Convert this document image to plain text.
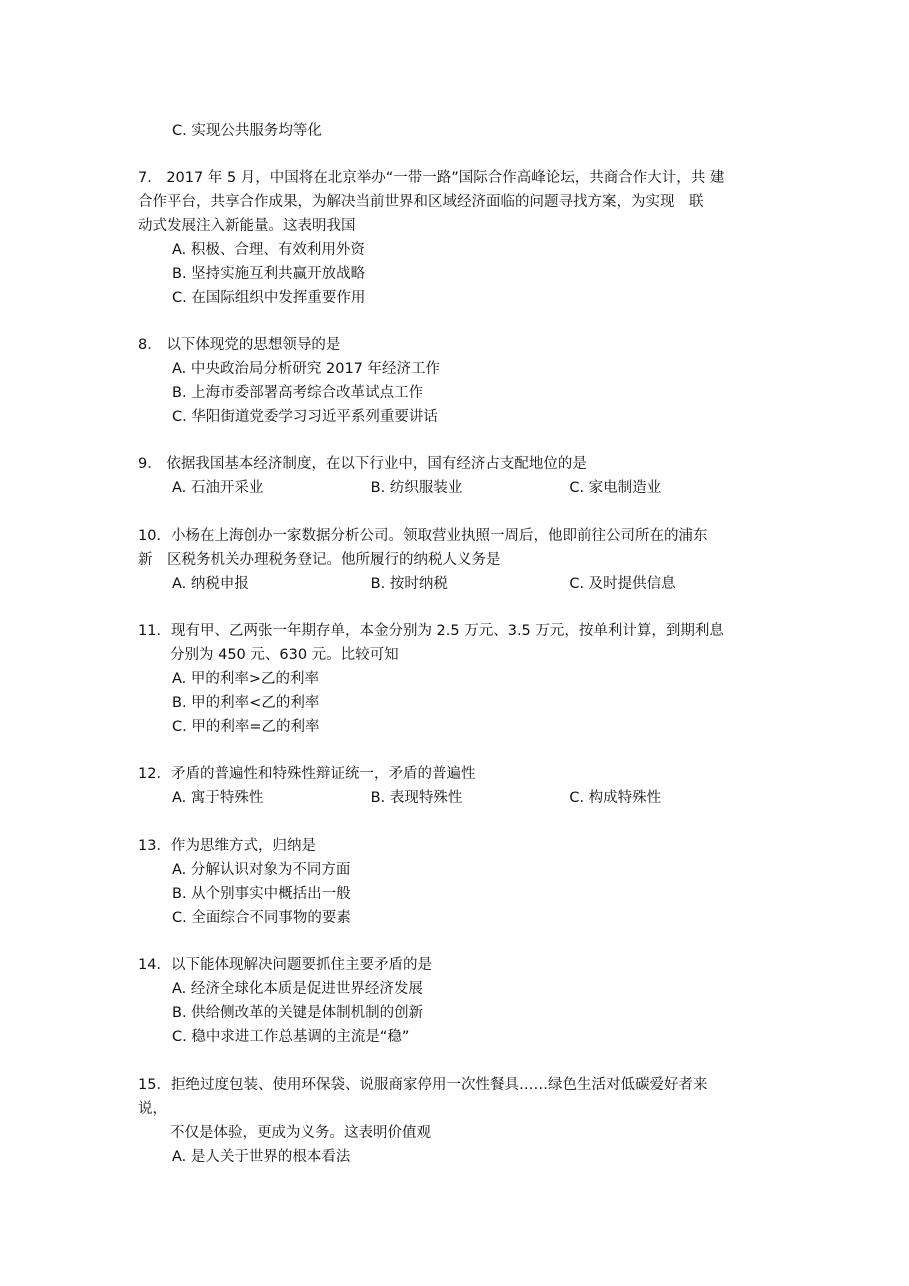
C. 实现公共服务均等化

7． 2017 年 5 月，中国将在北京举办“一带一路”国际合作高峰论坛，共商合作大计，共 建

合作平台，共享合作成果，为解决当前世界和区域经济面临的问题寻找方案，为实现　联

动式发展注入新能量。这表明我国

A. 积极、合理、有效利用外资

B. 坚持实施互利共赢开放战略

C. 在国际组织中发挥重要作用

8． 以下体现党的思想领导的是

A. 中央政治局分析研究 2017 年经济工作

B. 上海市委部署高考综合改革试点工作

C. 华阳街道党委学习习近平系列重要讲话

9． 依据我国基本经济制度，在以下行业中，国有经济占支配地位的是

A. 石油开采业	B. 纺织服装业	C. 家电制造业

10．小杨在上海创办一家数据分析公司。领取营业执照一周后，他即前往公司所在的浦东

新　区税务机关办理税务登记。他所履行的纳税人义务是

A. 纳税申报	B. 按时纳税	C. 及时提供信息

11．现有甲、乙两张一年期存单，本金分别为 2.5 万元、3.5 万元，按单利计算，到期利息

分别为 450 元、630 元。比较可知

A. 甲的利率>乙的利率

B. 甲的利率<乙的利率

C. 甲的利率=乙的利率

12．矛盾的普遍性和特殊性辩证统一，矛盾的普遍性

A. 寓于特殊性	B. 表现特殊性	C. 构成特殊性

13．作为思维方式，归纳是

A. 分解认识对象为不同方面

B. 从个别事实中概括出一般

C. 全面综合不同事物的要素

14．以下能体现解决问题要抓住主要矛盾的是

A. 经济全球化本质是促进世界经济发展

B. 供给侧改革的关键是体制机制的创新

C. 稳中求进工作总基调的主流是“稳”

15．拒绝过度包装、使用环保袋、说服商家停用一次性餐具……绿色生活对低碳爱好者来

说，

不仅是体验，更成为义务。这表明价值观

A. 是人关于世界的根本看法
